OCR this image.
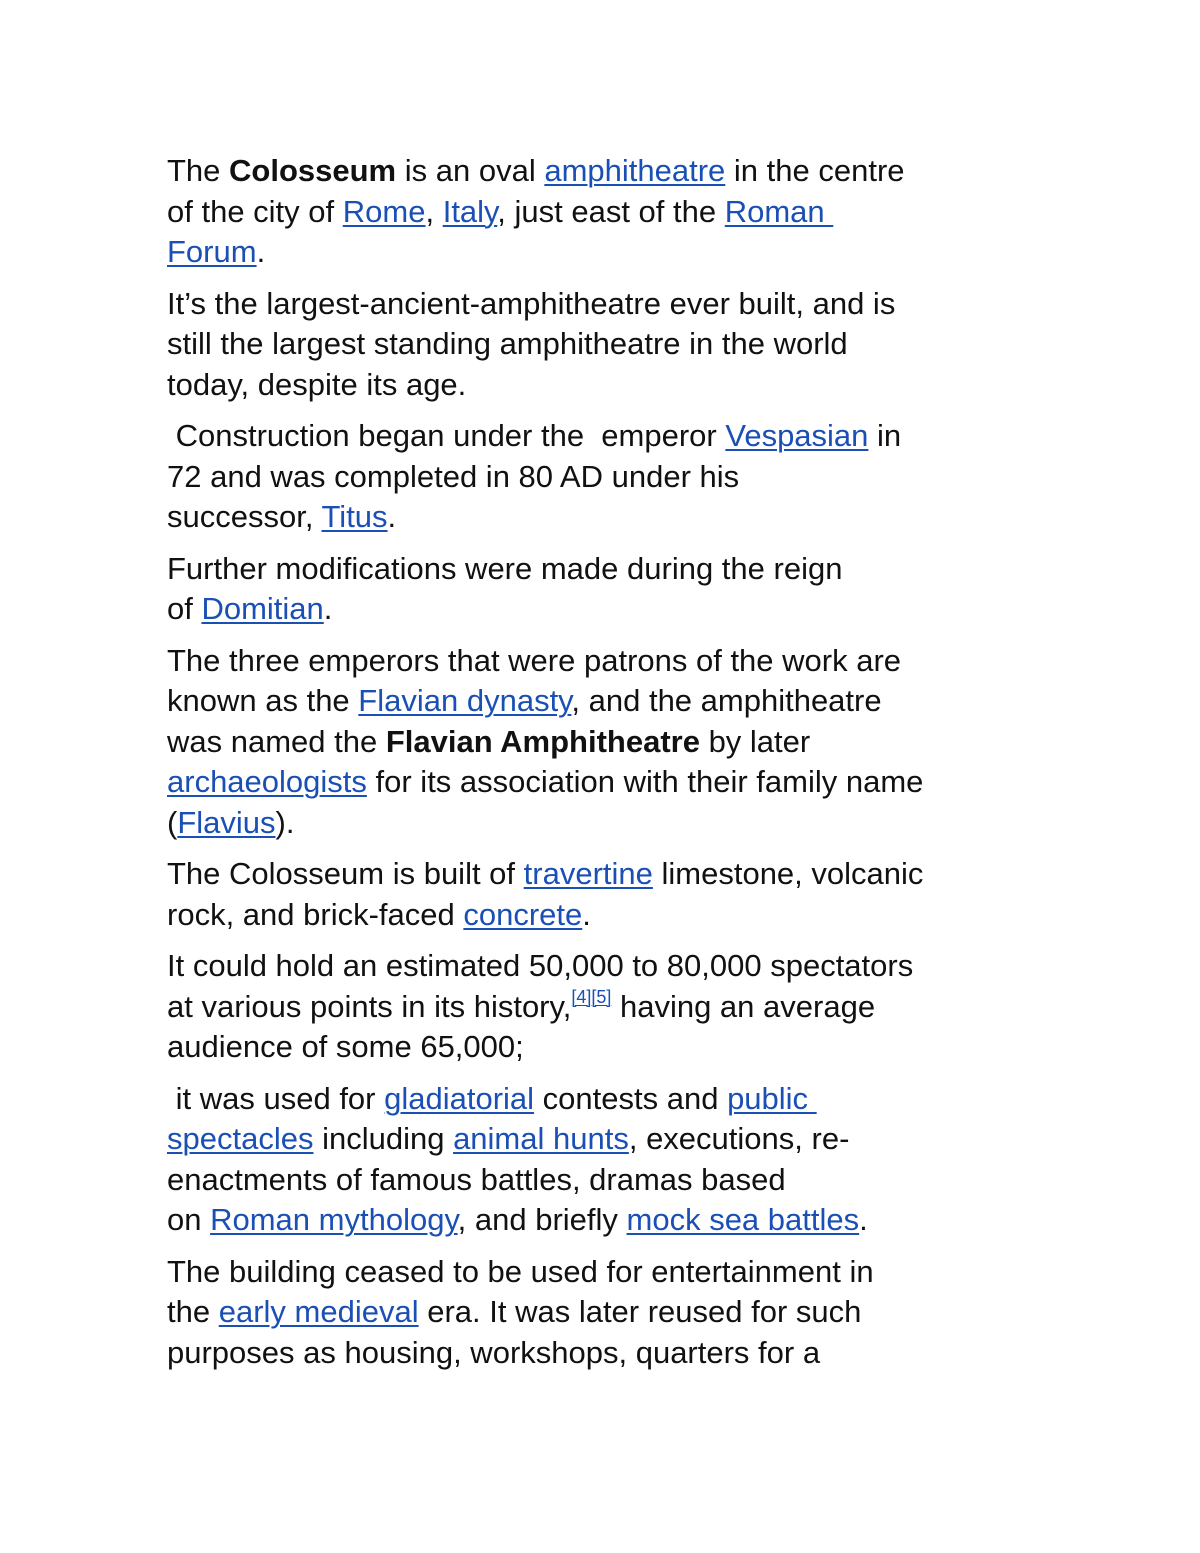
The Colosseum is an oval amphitheatre in the centre
of the city of Rome, Italy, just east of the Roman
Forum.

It’s the largest-ancient-amphitheatre ever built, and is
still the largest standing amphitheatre in the world
today, despite its age.

Construction began under the  emperor Vespasian in
72 and was completed in 80 AD under his
successor, Titus.

Further modifications were made during the reign
of Domitian.

The three emperors that were patrons of the work are
known as the Flavian dynasty, and the amphitheatre
was named the Flavian Amphitheatre by later
archaeologists for its association with their family name
(Flavius).

The Colosseum is built of travertine limestone, volcanic
rock, and brick-faced concrete.

It could hold an estimated 50,000 to 80,000 spectators
at various points in its history,[4][5] having an average
audience of some 65,000;

it was used for gladiatorial contests and public
spectacles including animal hunts, executions, re-
enactments of famous battles, dramas based
on Roman mythology, and briefly mock sea battles.

The building ceased to be used for entertainment in
the early medieval era. It was later reused for such
purposes as housing, workshops, quarters for a
